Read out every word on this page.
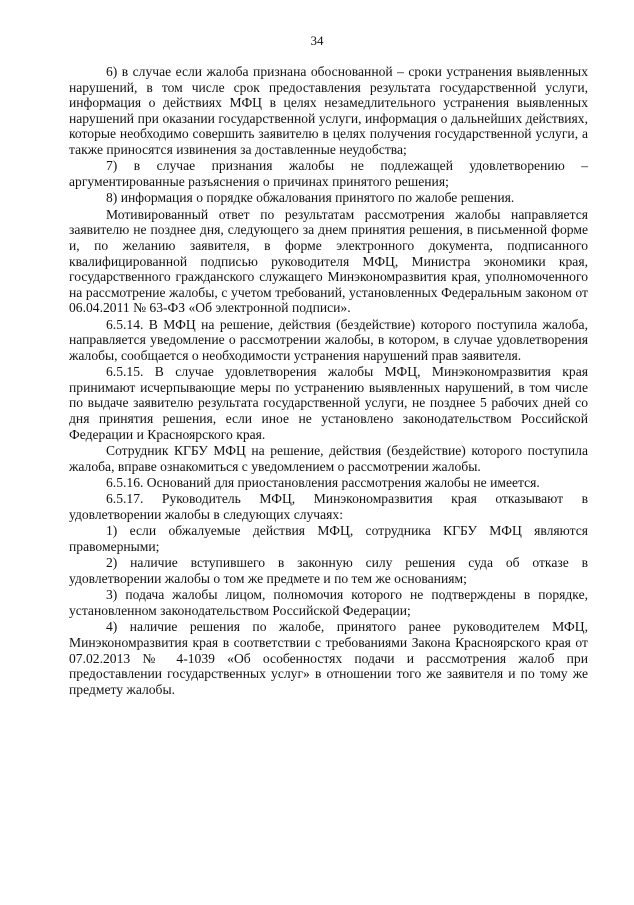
34

6) в случае если жалоба признана обоснованной – сроки устранения выявленных нарушений, в том числе срок предоставления результата государственной услуги, информация о действиях МФЦ в целях незамедлительного устранения выявленных нарушений при оказании государственной услуги, информация о дальнейших действиях, которые необходимо совершить заявителю в целях получения государственной услуги, а также приносятся извинения за доставленные неудобства;

7) в случае признания жалобы не подлежащей удовлетворению – аргументированные разъяснения о причинах принятого решения;

8) информация о порядке обжалования принятого по жалобе решения.

Мотивированный ответ по результатам рассмотрения жалобы направляется заявителю не позднее дня, следующего за днем принятия решения, в письменной форме и, по желанию заявителя, в форме электронного документа, подписанного квалифицированной подписью руководителя МФЦ, Министра экономики края, государственного гражданского служащего Минэкономразвития края, уполномоченного на рассмотрение жалобы, с учетом требований, установленных Федеральным законом от 06.04.2011 № 63-ФЗ «Об электронной подписи».

6.5.14. В МФЦ на решение, действия (бездействие) которого поступила жалоба, направляется уведомление о рассмотрении жалобы, в котором, в случае удовлетворения жалобы, сообщается о необходимости устранения нарушений прав заявителя.

6.5.15. В случае удовлетворения жалобы МФЦ, Минэкономразвития края принимают исчерпывающие меры по устранению выявленных нарушений, в том числе по выдаче заявителю результата государственной услуги, не позднее 5 рабочих дней со дня принятия решения, если иное не установлено законодательством Российской Федерации и Красноярского края.

Сотрудник КГБУ МФЦ на решение, действия (бездействие) которого поступила жалоба, вправе ознакомиться с уведомлением о рассмотрении жалобы.

6.5.16. Оснований для приостановления рассмотрения жалобы не имеется.

6.5.17. Руководитель МФЦ, Минэкономразвития края отказывают в удовлетворении жалобы в следующих случаях:

1) если обжалуемые действия МФЦ, сотрудника КГБУ МФЦ являются правомерными;

2) наличие вступившего в законную силу решения суда об отказе в удовлетворении жалобы о том же предмете и по тем же основаниям;

3) подача жалобы лицом, полномочия которого не подтверждены в порядке, установленном законодательством Российской Федерации;

4) наличие решения по жалобе, принятого ранее руководителем МФЦ, Минэкономразвития края в соответствии с требованиями Закона Красноярского края от 07.02.2013 № 4-1039 «Об особенностях подачи и рассмотрения жалоб при предоставлении государственных услуг» в отношении того же заявителя и по тому же предмету жалобы.
